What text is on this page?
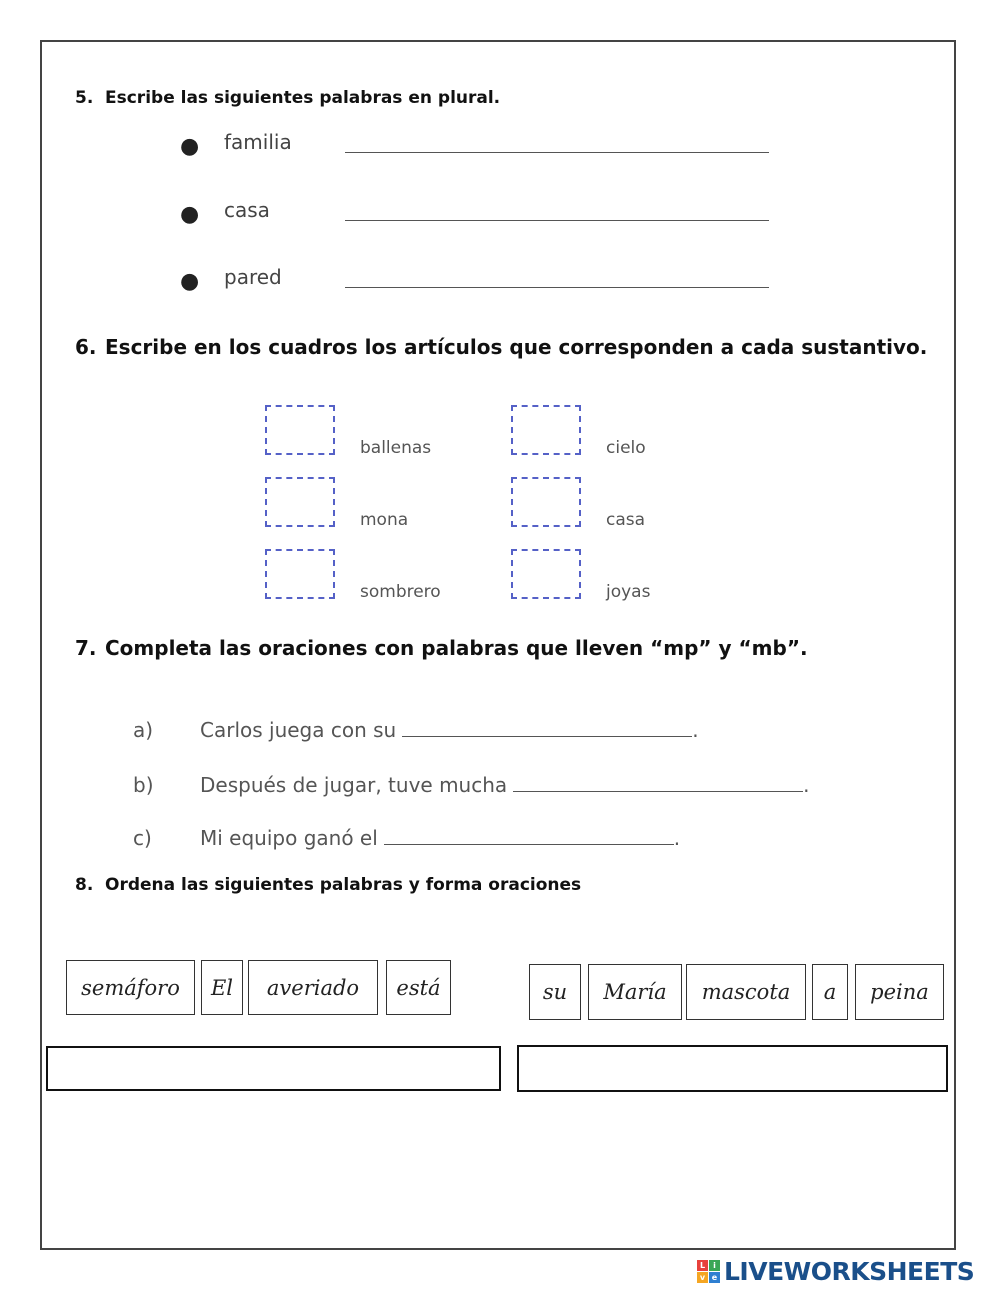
5. Escribe las siguientes palabras en plural.
● familia
● casa
● pared
6. Escribe en los cuadros los artículos que corresponden a cada sustantivo.
ballenas	cielo
mona	casa
sombrero	joyas
7. Completa las oraciones con palabras que lleven “mp” y “mb”.
a) Carlos juega con su	.
b) Después de jugar, tuve mucha	.
c) Mi equipo ganó el	.
8. Ordena las siguientes palabras y forma oraciones
semáforo	El	averiado	está	su	María	mascota	a	peina
L	i
v e LIVEWORKSHEETS
